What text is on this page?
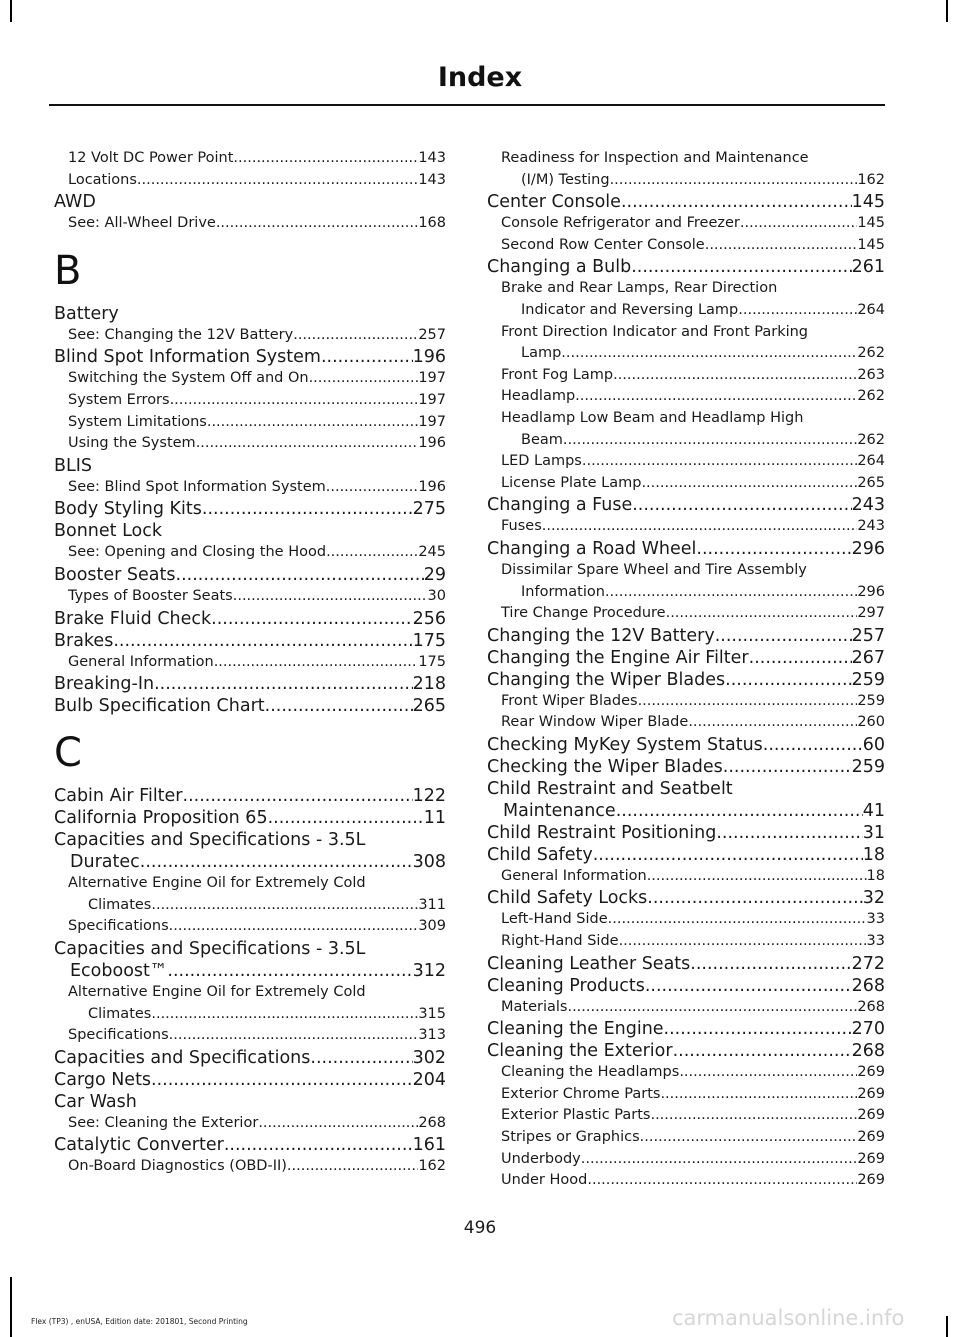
Index
12 Volt DC Power Point .....	143
Locations .....	143
AWD
See: All-Wheel Drive .....	168
B
Battery
See: Changing the 12V Battery .....	257
Blind Spot Information System .....	196
Switching the System Off and On .....	197
System Errors .....	197
System Limitations .....	197
Using the System .....	196
BLIS
See: Blind Spot Information System .....	196
Body Styling Kits .....	275
Bonnet Lock
See: Opening and Closing the Hood .....	245
Booster Seats .....	29
Types of Booster Seats .....	30
Brake Fluid Check .....	256
Brakes .....	175
General Information .....	175
Breaking-In .....	218
Bulb Specification Chart .....	265
C
Cabin Air Filter .....	122
California Proposition 65 .....	11
Capacities and Specifications - 3.5L
Duratec .....	308
Alternative Engine Oil for Extremely Cold
Climates .....	311
Specifications .....	309
Capacities and Specifications - 3.5L
Ecoboost™ .....	312
Alternative Engine Oil for Extremely Cold
Climates .....	315
Specifications .....	313
Capacities and Specifications .....	302
Cargo Nets .....	204
Car Wash
See: Cleaning the Exterior .....	268
Catalytic Converter .....	161
On-Board Diagnostics (OBD-II) .....	162
Readiness for Inspection and Maintenance
(I/M) Testing .....	162
Center Console .....	145
Console Refrigerator and Freezer .....	145
Second Row Center Console .....	145
Changing a Bulb .....	261
Brake and Rear Lamps, Rear Direction
Indicator and Reversing Lamp .....	264
Front Direction Indicator and Front Parking
Lamp .....	262
Front Fog Lamp .....	263
Headlamp .....	262
Headlamp Low Beam and Headlamp High
Beam .....	262
LED Lamps .....	264
License Plate Lamp .....	265
Changing a Fuse .....	243
Fuses .....	243
Changing a Road Wheel .....	296
Dissimilar Spare Wheel and Tire Assembly
Information .....	296
Tire Change Procedure .....	297
Changing the 12V Battery .....	257
Changing the Engine Air Filter .....	267
Changing the Wiper Blades .....	259
Front Wiper Blades .....	259
Rear Window Wiper Blade .....	260
Checking MyKey System Status .....	60
Checking the Wiper Blades .....	259
Child Restraint and Seatbelt
Maintenance .....	41
Child Restraint Positioning .....	31
Child Safety .....	18
General Information .....	18
Child Safety Locks .....	32
Left-Hand Side .....	33
Right-Hand Side .....	33
Cleaning Leather Seats .....	272
Cleaning Products .....	268
Materials .....	268
Cleaning the Engine .....	270
Cleaning the Exterior .....	268
Cleaning the Headlamps .....	269
Exterior Chrome Parts .....	269
Exterior Plastic Parts .....	269
Stripes or Graphics .....	269
Underbody .....	269
Under Hood .....	269
496
Flex (TP3) , enUSA, Edition date: 201801, Second Printing	carmanualsonline.info
